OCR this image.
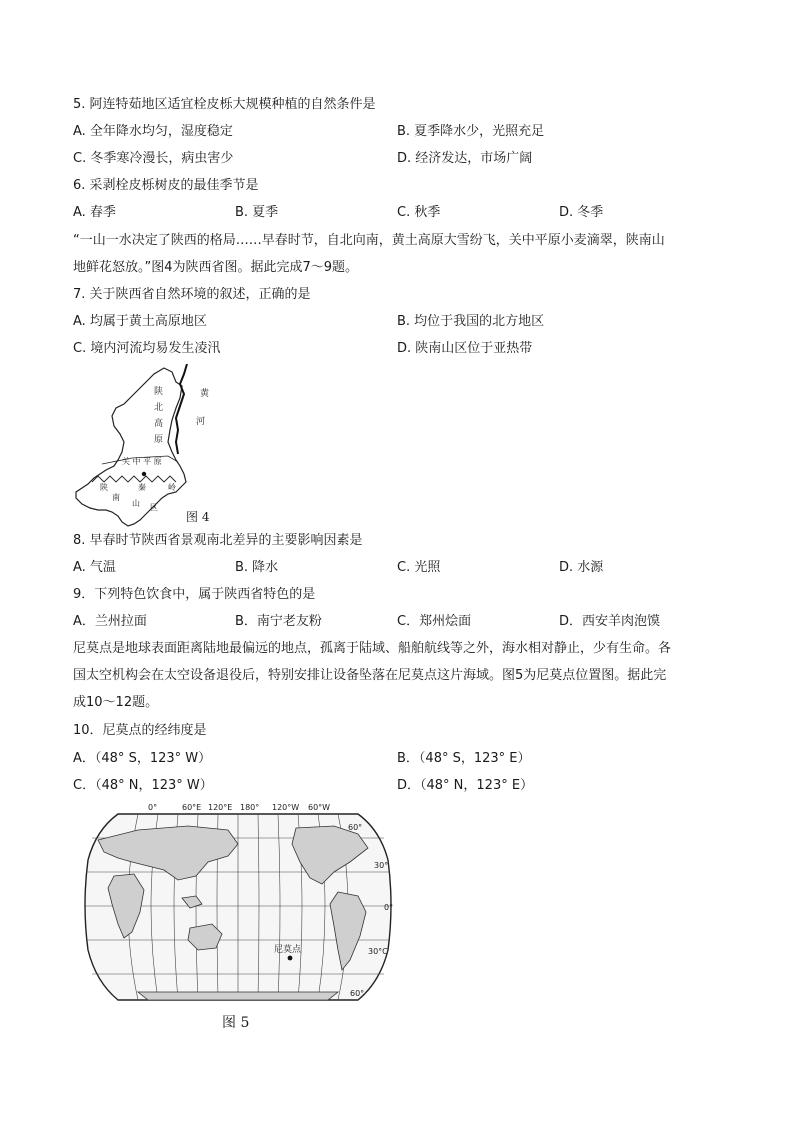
5. 阿连特茹地区适宜栓皮栎大规模种植的自然条件是
A. 全年降水均匀，湿度稳定	B. 夏季降水少，光照充足
C. 冬季寒冷漫长，病虫害少	D. 经济发达，市场广阔
6. 采剥栓皮栎树皮的最佳季节是
A. 春季	B. 夏季	C. 秋季	D. 冬季
“一山一水决定了陕西的格局……早春时节，自北向南，黄土高原大雪纷飞，关中平原小麦滴翠，陕南山
地鲜花怒放。”图4为陕西省图。据此完成7～9题。
7. 关于陕西省自然环境的叙述，正确的是
A. 均属于黄土高原地区	B. 均位于我国的北方地区
C. 境内河流均易发生凌汛	D. 陕南山区位于亚热带
陕
北
高
原
黄
河
关 中 平 原
秦	岭
陕
南
山 区
图 4
8. 早春时节陕西省景观南北差异的主要影响因素是
A. 气温	B. 降水	C. 光照	D. 水源
9．下列特色饮食中，属于陕西省特色的是
A．兰州拉面	B．南宁老友粉	C．郑州烩面	D．西安羊肉泡馍
尼莫点是地球表面距离陆地最偏远的地点，孤离于陆域、船舶航线等之外，海水相对静止，少有生命。各
国太空机构会在太空设备退役后，特别安排让设备坠落在尼莫点这片海域。图5为尼莫点位置图。据此完
成10～12题。
10．尼莫点的经纬度是
A．（48° S，123° W）	B．（48° S，123° E）
C．（48° N，123° W）	D．（48° N，123° E）
尼莫点
0°	60°E 120°E 180° 120°W 60°W
60°
30°
0°
30°C
60°
图 5
